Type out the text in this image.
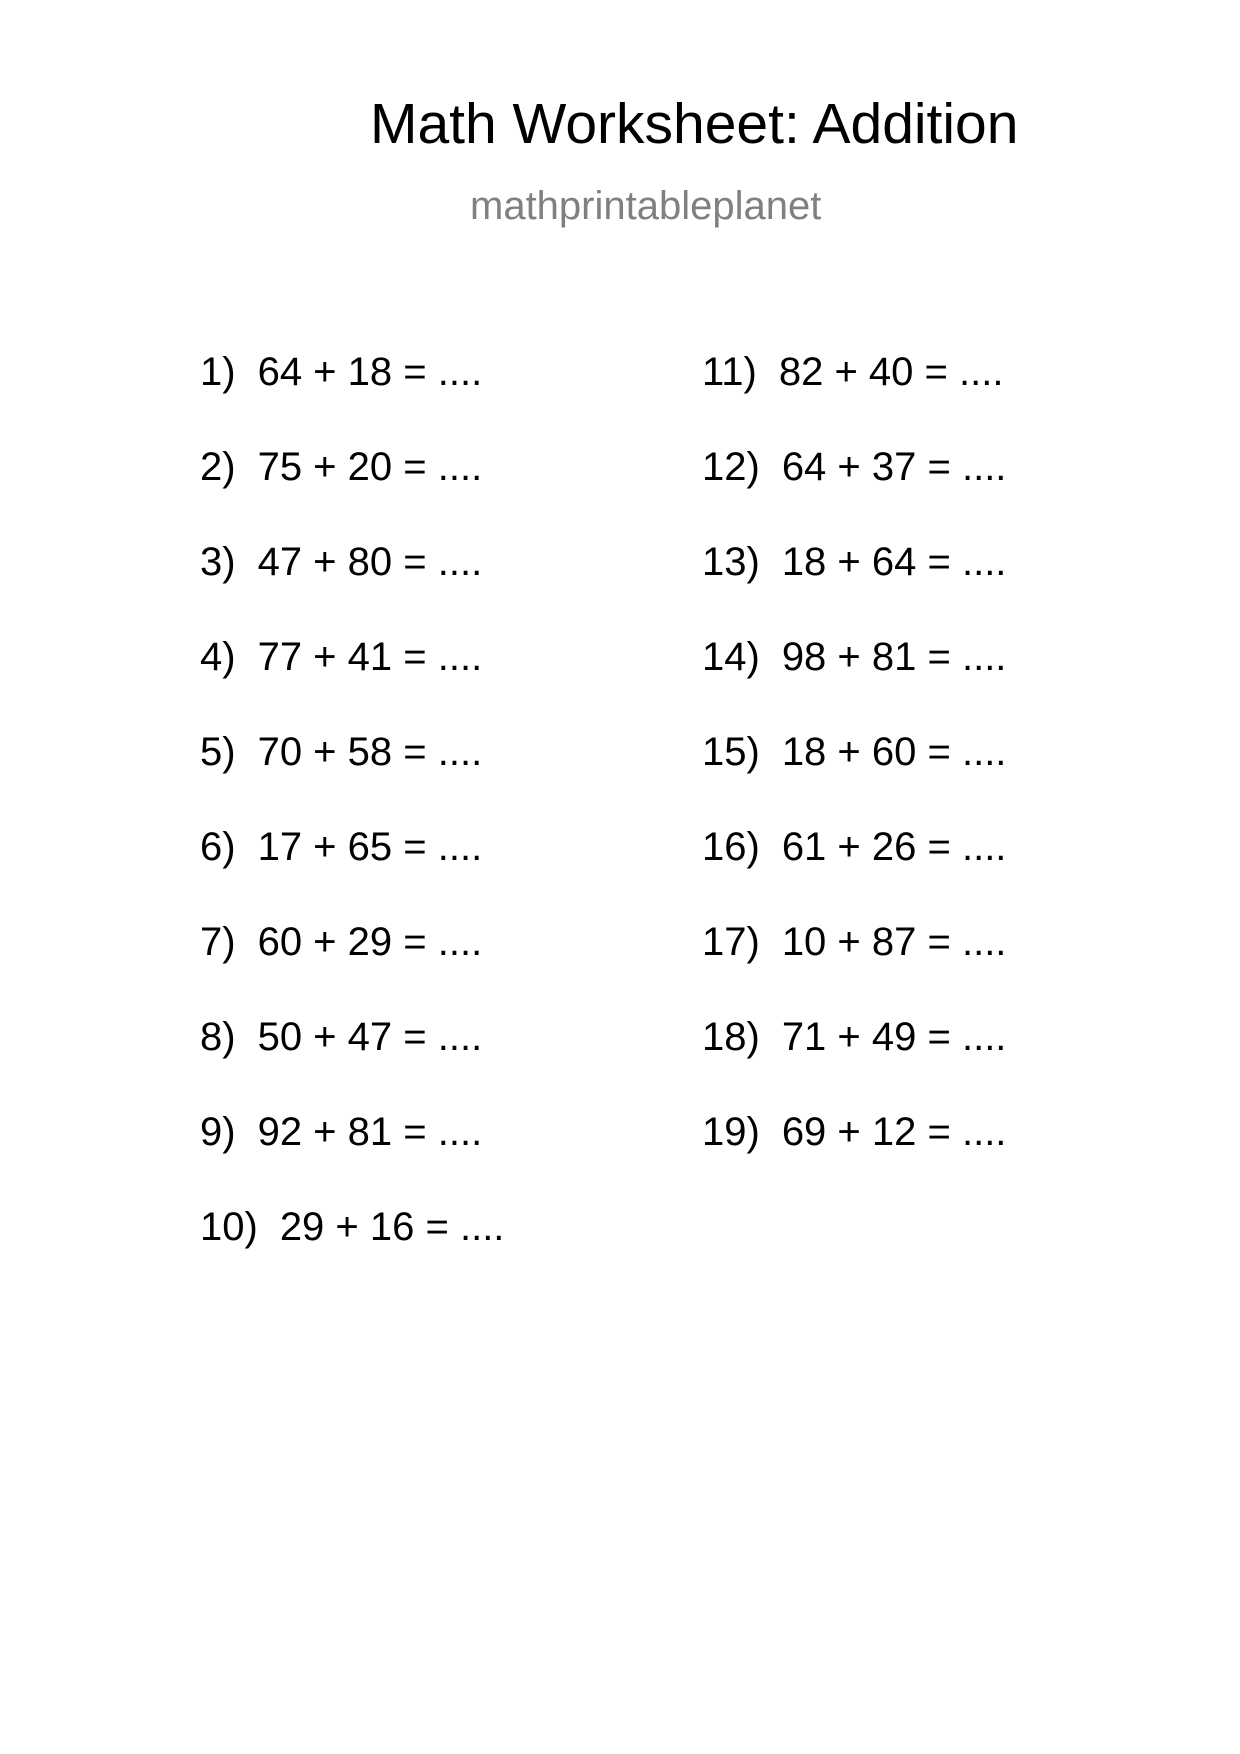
Math Worksheet: Addition
mathprintableplanet
1) 64 + 18 = ....
2) 75 + 20 = ....
3) 47 + 80 = ....
4) 77 + 41 = ....
5) 70 + 58 = ....
6) 17 + 65 = ....
7) 60 + 29 = ....
8) 50 + 47 = ....
9) 92 + 81 = ....
10) 29 + 16 = ....
11) 82 + 40 = ....
12) 64 + 37 = ....
13) 18 + 64 = ....
14) 98 + 81 = ....
15) 18 + 60 = ....
16) 61 + 26 = ....
17) 10 + 87 = ....
18) 71 + 49 = ....
19) 69 + 12 = ....
